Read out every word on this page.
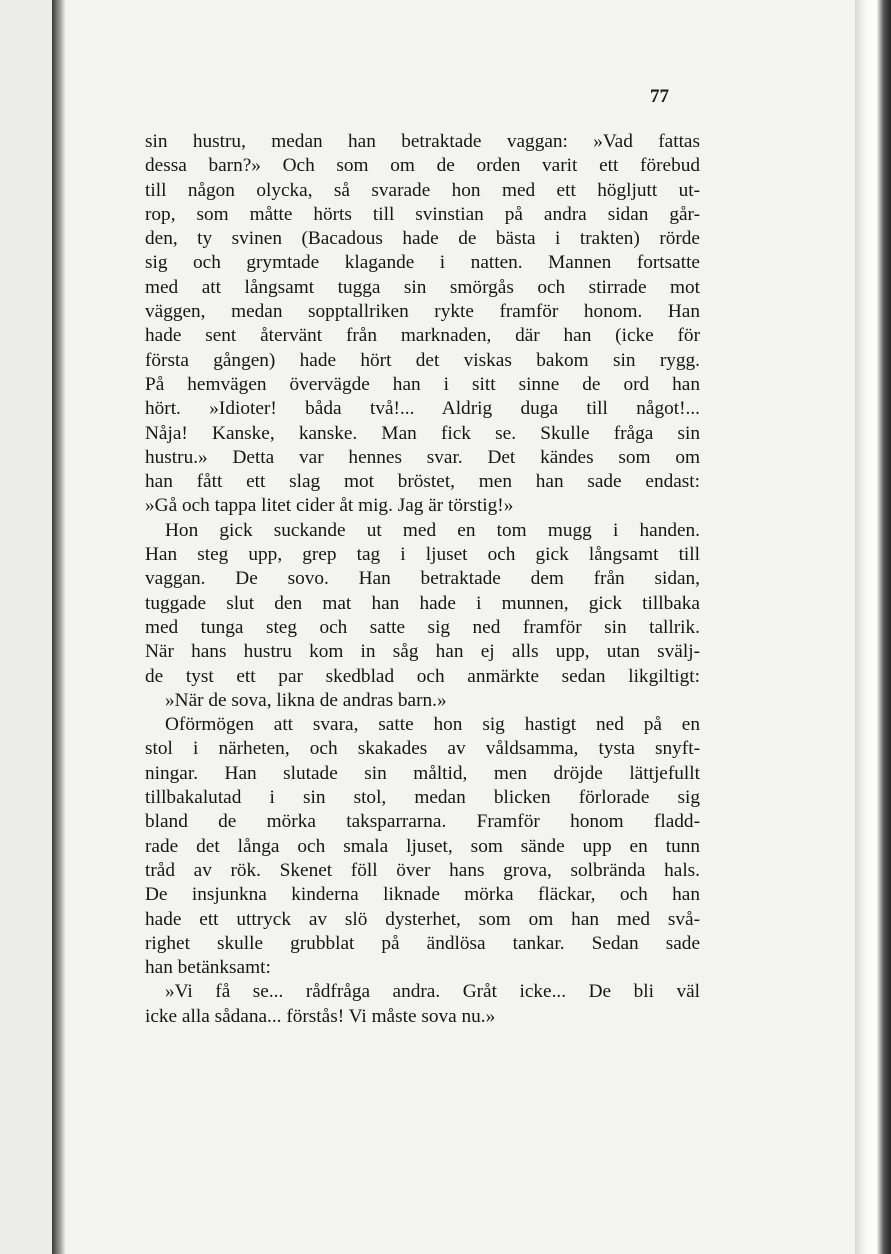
77
sin hustru, medan han betraktade vaggan: »Vad fattas
dessa barn?» Och som om de orden varit ett förebud
till någon olycka, så svarade hon med ett högljutt ut-
rop, som måtte hörts till svinstian på andra sidan går-
den, ty svinen (Bacadous hade de bästa i trakten) rörde
sig och grymtade klagande i natten. Mannen fortsatte
med att långsamt tugga sin smörgås och stirrade mot
väggen, medan sopptallriken rykte framför honom. Han
hade sent återvänt från marknaden, där han (icke för
första gången) hade hört det viskas bakom sin rygg.
På hemvägen övervägde han i sitt sinne de ord han
hört. »Idioter! båda två!... Aldrig duga till något!...
Nåja! Kanske, kanske. Man fick se. Skulle fråga sin
hustru.» Detta var hennes svar. Det kändes som om
han fått ett slag mot bröstet, men han sade endast:
»Gå och tappa litet cider åt mig. Jag är törstig!»
Hon gick suckande ut med en tom mugg i handen.
Han steg upp, grep tag i ljuset och gick långsamt till
vaggan. De sovo. Han betraktade dem från sidan,
tuggade slut den mat han hade i munnen, gick tillbaka
med tunga steg och satte sig ned framför sin tallrik.
När hans hustru kom in såg han ej alls upp, utan svälj-
de tyst ett par skedblad och anmärkte sedan likgiltigt:
»När de sova, likna de andras barn.»
Oförmögen att svara, satte hon sig hastigt ned på en
stol i närheten, och skakades av våldsamma, tysta snyft-
ningar. Han slutade sin måltid, men dröjde lättjefullt
tillbakalutad i sin stol, medan blicken förlorade sig
bland de mörka taksparrarna. Framför honom fladd-
rade det långa och smala ljuset, som sände upp en tunn
tråd av rök. Skenet föll över hans grova, solbrända hals.
De insjunkna kinderna liknade mörka fläckar, och han
hade ett uttryck av slö dysterhet, som om han med svå-
righet skulle grubblat på ändlösa tankar. Sedan sade
han betänksamt:
»Vi få se... rådfråga andra. Gråt icke... De bli väl
icke alla sådana... förstås! Vi måste sova nu.»
